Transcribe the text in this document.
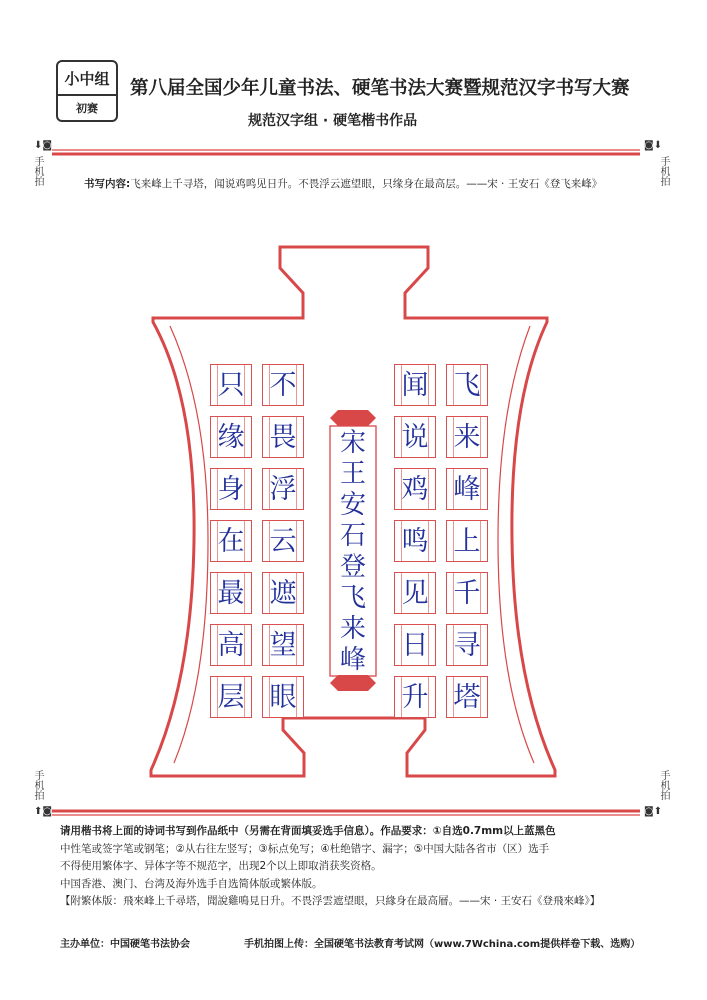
小中组
初赛
第八届全国少年儿童书法、硬笔书法大赛暨规范汉字书写大赛
规范汉字组 · 硬笔楷书作品
⬇◙
手机拍
◙⬇
手机拍
手机拍
⬆◙
手机拍
◙⬆
书写内容:飞来峰上千寻塔，闻说鸡鸣见日升。不畏浮云遮望眼，只缘身在最高层。——宋 · 王安石《登飞来峰》
飞
来
峰
上
千
寻
塔
闻
说
鸡
鸣
见
日
升
不
畏
浮
云
遮
望
眼
只
缘
身
在
最
高
层
宋
王
安
石
登
飞
来
峰
请用楷书将上面的诗词书写到作品纸中（另需在背面填妥选手信息）。作品要求：①自选0.7mm以上蓝黑色
中性笔或签字笔或钢笔；②从右往左竖写；③标点免写；④杜绝错字、漏字；⑤中国大陆各省市（区）选手
不得使用繁体字、异体字等不规范字，出现2个以上即取消获奖资格。
中国香港、澳门、台湾及海外选手自选简体版或繁体版。
【附繁体版：飛來峰上千尋塔，聞說雞鳴見日升。不畏浮雲遮望眼，只緣身在最高層。——宋 · 王安石《登飛來峰》】
主办单位：中国硬笔书法协会	手机拍图上传：全国硬笔书法教育考试网（www.7Wchina.com提供样卷下载、选购）
